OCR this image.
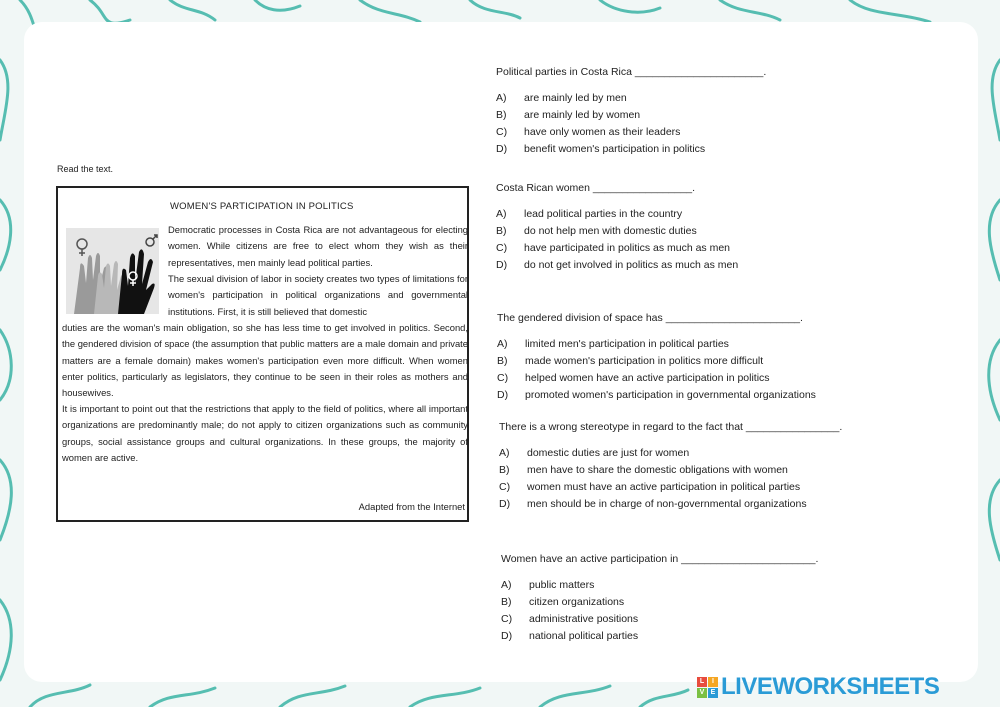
Read the text.
WOMEN'S PARTICIPATION IN POLITICS

Democratic processes in Costa Rica are not advantageous for electing women. While citizens are free to elect whom they wish as their representatives, men mainly lead political parties.

The sexual division of labor in society creates two types of limitations for women's participation in political organizations and governmental institutions. First, it is still believed that domestic

duties are the woman's main obligation, so she has less time to get involved in politics. Second, the gendered division of space (the assumption that public matters are a male domain and private matters are a female domain) makes women's participation even more difficult. When women enter politics, particularly as legislators, they continue to be seen in their roles as mothers and housewives.

It is important to point out that the restrictions that apply to the field of politics, where all important organizations are predominantly male; do not apply to citizen organizations such as community groups, social assistance groups and cultural organizations. In these groups, the majority of women are active.

Adapted from the Internet

Political parties in Costa Rica ______________________.

A)	are mainly led by men
B)	are mainly led by women
C)	have only women as their leaders
D)	benefit women's participation in politics

Costa Rican women _________________.

A)	lead political parties in the country
B)	do not help men with domestic duties
C)	have participated in politics as much as men
D)	do not get involved in politics as much as men

The gendered division of space has _______________________.

A)	limited men's participation in political parties
B)	made women's participation in politics more difficult
C)	helped women have an active participation in politics
D)	promoted women's participation in governmental organizations

There is a wrong stereotype in regard to the fact that ________________.

A)	domestic duties are just for women
B)	men have to share the domestic obligations with women
C)	women must have an active participation in political parties
D)	men should be in charge of non-governmental organizations

Women have an active participation in _______________________.

A)	public matters
B)	citizen organizations
C)	administrative positions
D)	national political parties
L	I
V E LIVEWORKSHEETS
